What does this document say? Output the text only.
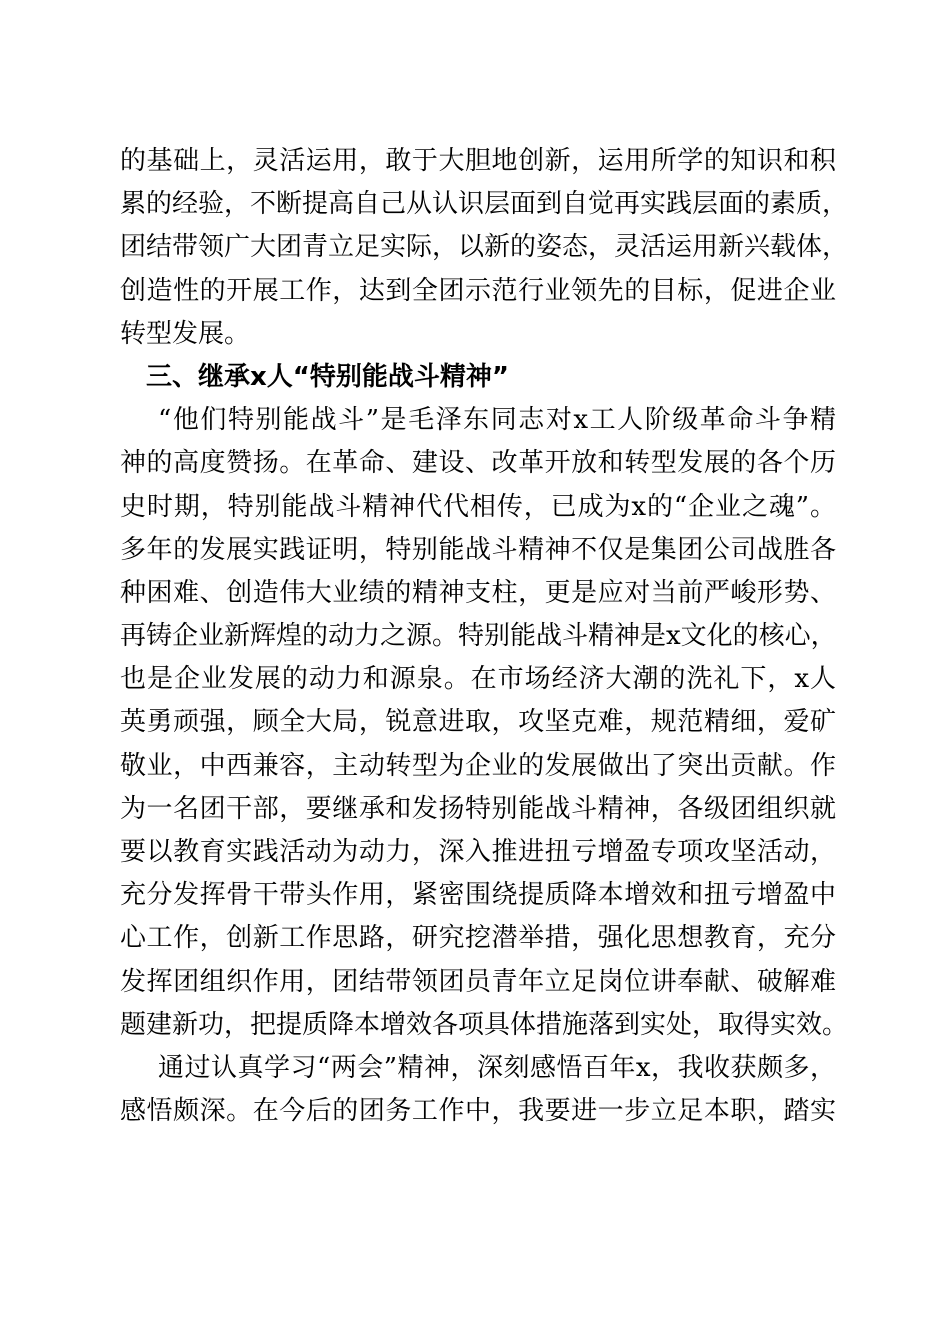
的基础上，灵活运用，敢于大胆地创新，运用所学的知识和积
累的经验，不断提高自己从认识层面到自觉再实践层面的素质，
团结带领广大团青立足实际，以新的姿态，灵活运用新兴载体，
创造性的开展工作，达到全团示范行业领先的目标，促进企业
转型发展。
三、继承x人“特别能战斗精神”
“他们特别能战斗”是毛泽东同志对x工人阶级革命斗争精
神的高度赞扬。在革命、建设、改革开放和转型发展的各个历
史时期，特别能战斗精神代代相传，已成为x的“企业之魂”。
多年的发展实践证明，特别能战斗精神不仅是集团公司战胜各
种困难、创造伟大业绩的精神支柱，更是应对当前严峻形势、
再铸企业新辉煌的动力之源。特别能战斗精神是x文化的核心，
也是企业发展的动力和源泉。在市场经济大潮的洗礼下，x人
英勇顽强，顾全大局，锐意进取，攻坚克难，规范精细，爱矿
敬业，中西兼容，主动转型为企业的发展做出了突出贡献。作
为一名团干部，要继承和发扬特别能战斗精神，各级团组织就
要以教育实践活动为动力，深入推进扭亏增盈专项攻坚活动，
充分发挥骨干带头作用，紧密围绕提质降本增效和扭亏增盈中
心工作，创新工作思路，研究挖潜举措，强化思想教育，充分
发挥团组织作用，团结带领团员青年立足岗位讲奉献、破解难
题建新功，把提质降本增效各项具体措施落到实处，取得实效。
通过认真学习“两会”精神，深刻感悟百年x，我收获颇多，
感悟颇深。在今后的团务工作中，我要进一步立足本职，踏实
